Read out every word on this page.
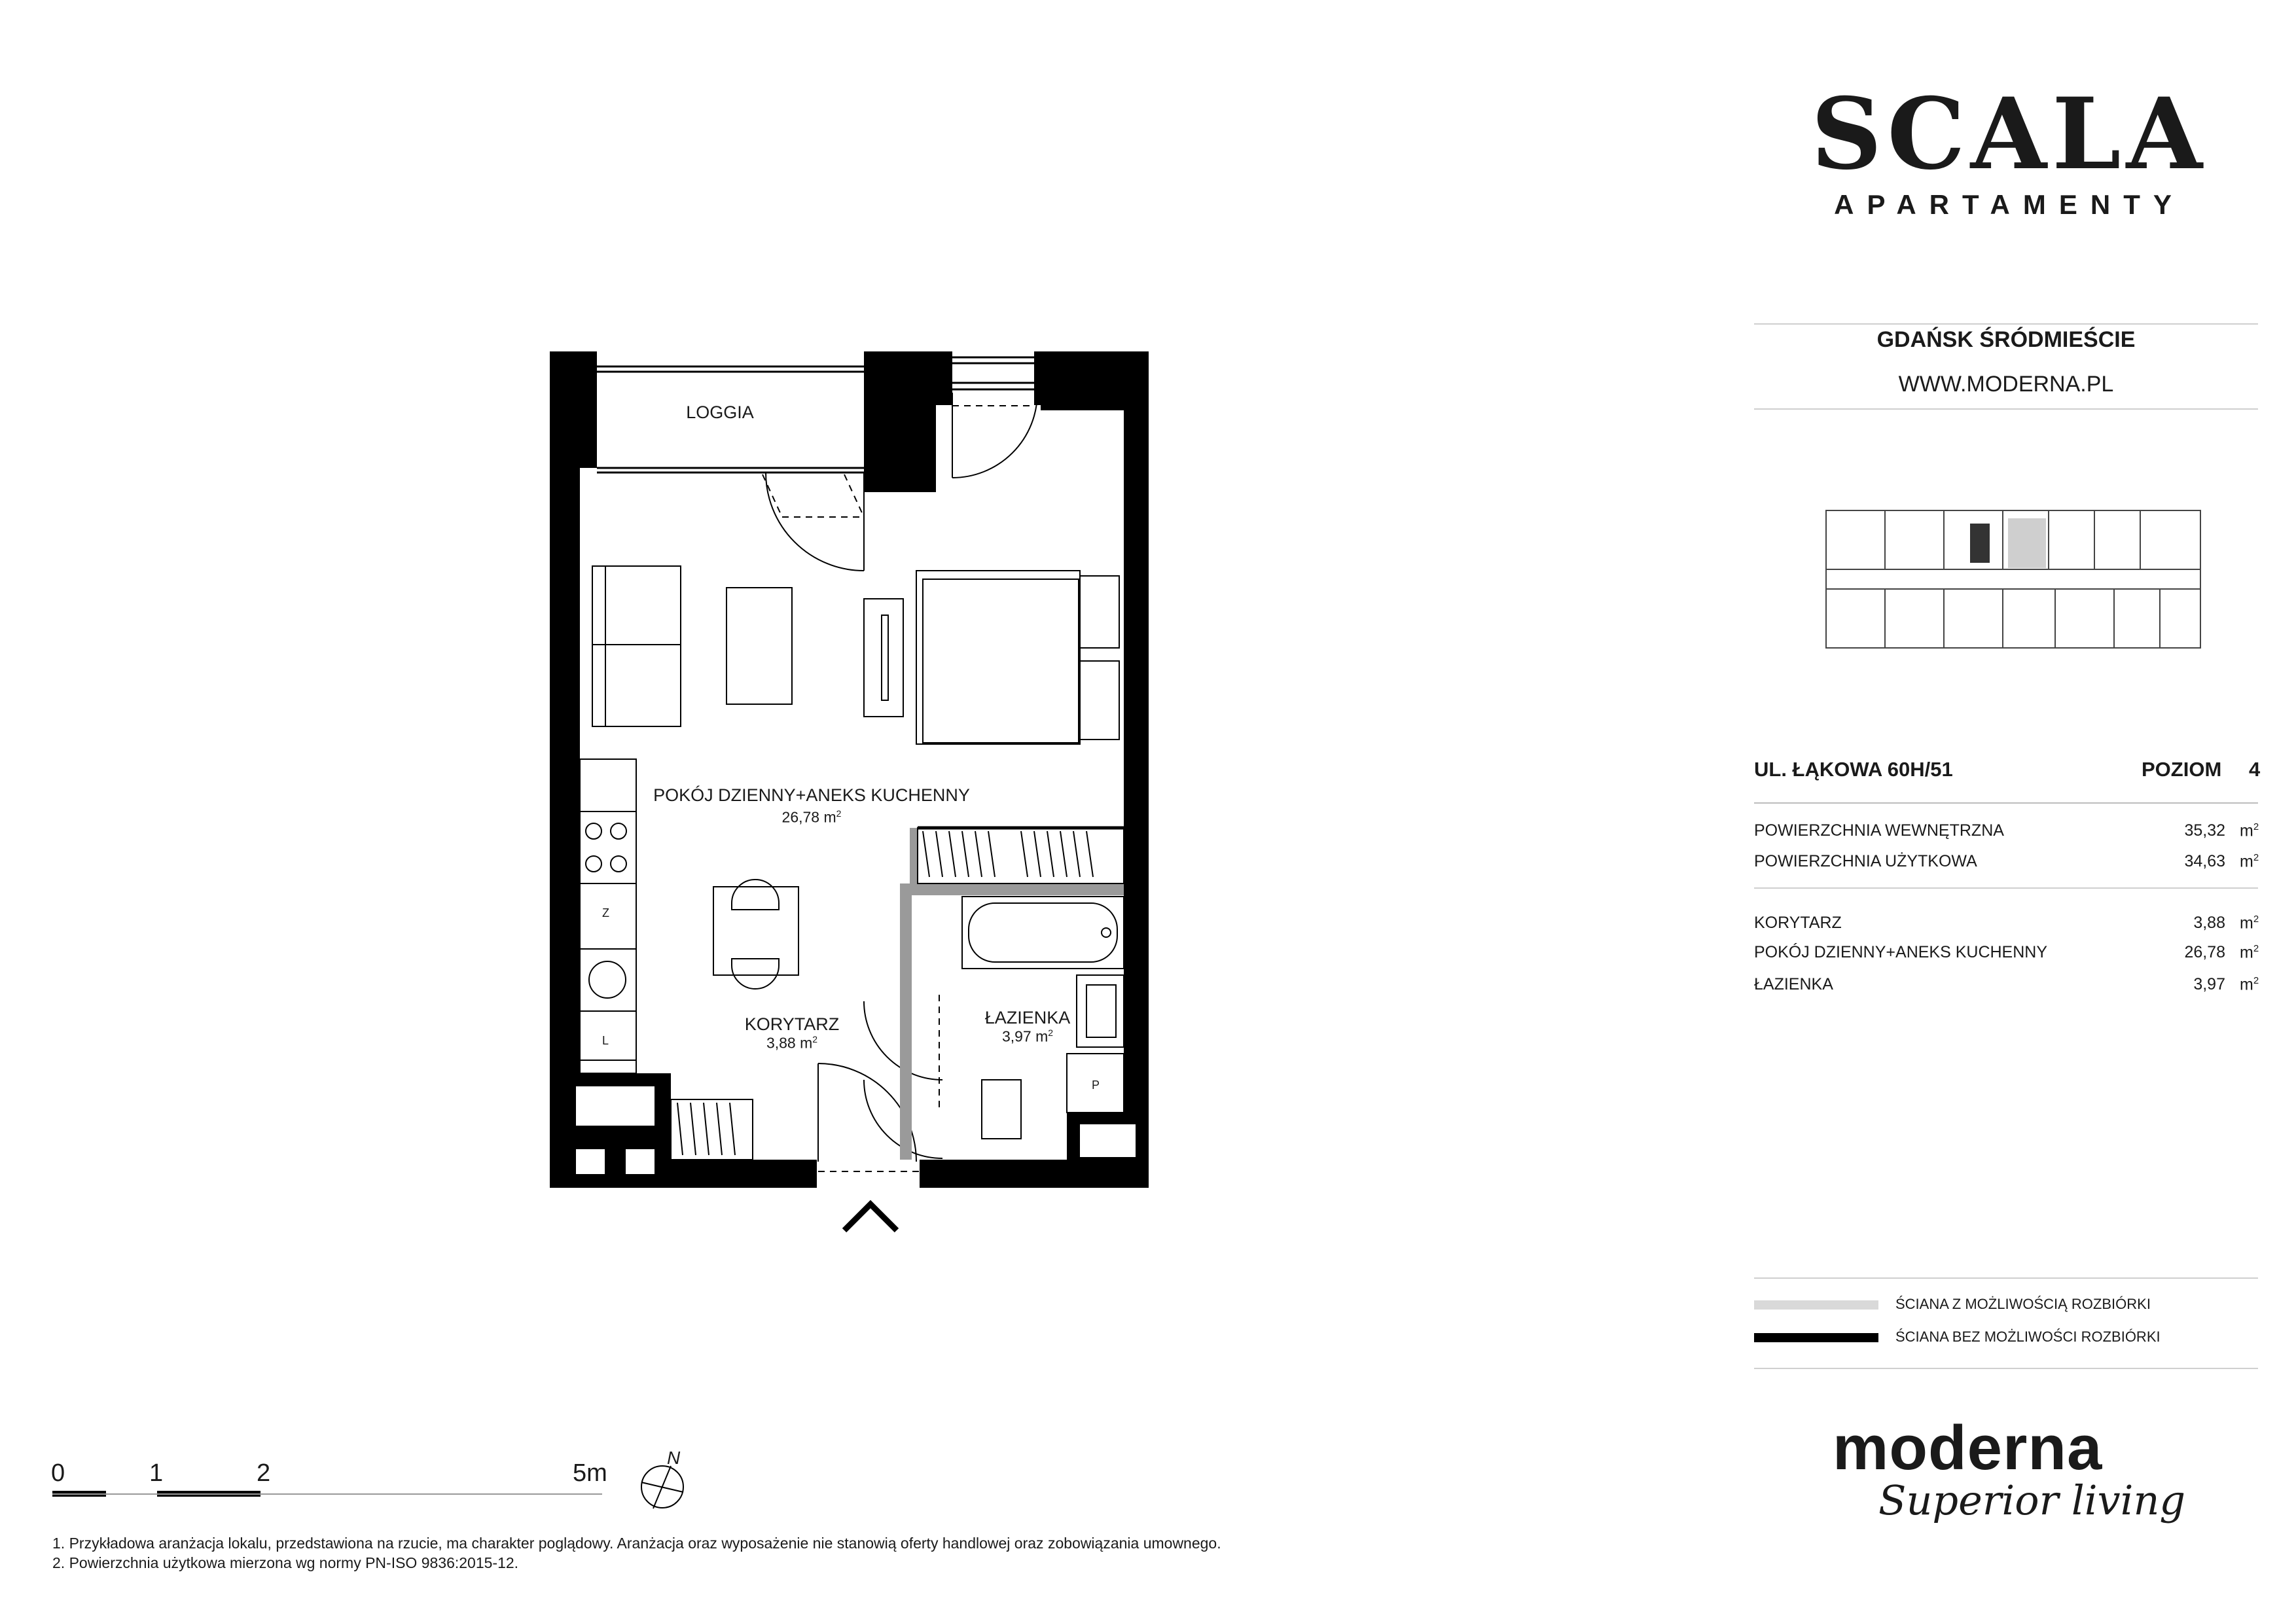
LOGGIA
POKÓJ DZIENNY+ANEKS KUCHENNY
26,78 $m^2$
KORYTARZ
3,88 $m^2$
ŁAZIENKA
3,97 $m^2$
Z
L
P
SCALA
APARTAMENTY
GDAŃSK ŚRÓDMIEŚCIE
WWW.MODERNA.PL
UL. ŁĄKOWA 60H/51	POZIOM 4
POWIERZCHNIA WEWNĘTRZNA	35,32 $m^2$
POWIERZCHNIA UŻYTKOWA	34,63 $m^2$
KORYTARZ	3,88 $m^2$
POKÓJ DZIENNY+ANEKS KUCHENNY	26,78 $m^2$
ŁAZIENKA	3,97 $m^2$
ŚCIANA Z MOŻLIWOŚCIĄ ROZBIÓRKI
ŚCIANA BEZ MOŻLIWOŚCI ROZBIÓRKI
moderna
Superior living
0	1	2	5m
N
1. Przykładowa aranżacja lokalu, przedstawiona na rzucie, ma charakter poglądowy. Aranżacja oraz wyposażenie nie stanowią oferty handlowej oraz zobowiązania umownego.
2. Powierzchnia użytkowa mierzona wg normy PN-ISO 9836:2015-12.
